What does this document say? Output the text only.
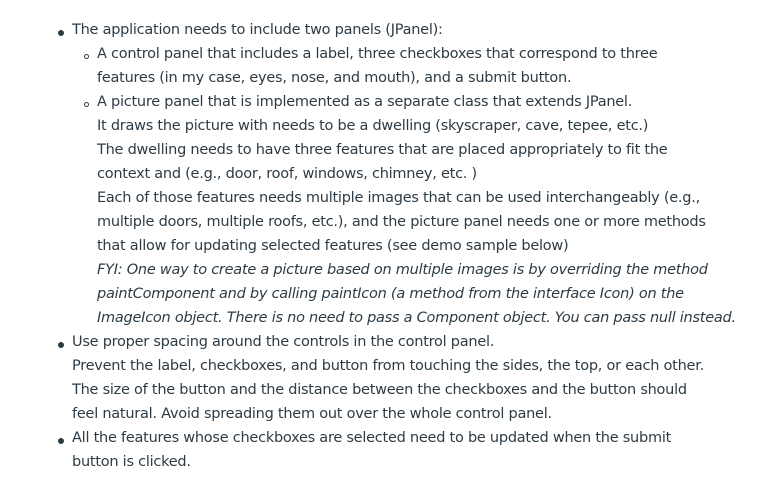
The application needs to include two panels (JPanel):
A control panel that includes a label, three checkboxes that correspond to three
features (in my case, eyes, nose, and mouth), and a submit button.
A picture panel that is implemented as a separate class that extends JPanel.
It draws the picture with needs to be a dwelling (skyscraper, cave, tepee, etc.)
The dwelling needs to have three features that are placed appropriately to fit the
context and (e.g., door, roof, windows, chimney, etc. )
Each of those features needs multiple images that can be used interchangeably (e.g.,
multiple doors, multiple roofs, etc.), and the picture panel needs one or more methods
that allow for updating selected features (see demo sample below)
FYI: One way to create a picture based on multiple images is by overriding the method
paintComponent and by calling paintIcon (a method from the interface Icon) on the
ImageIcon object. There is no need to pass a Component object. You can pass null instead.
Use proper spacing around the controls in the control panel.
Prevent the label, checkboxes, and button from touching the sides, the top, or each other.
The size of the button and the distance between the checkboxes and the button should
feel natural. Avoid spreading them out over the whole control panel.
All the features whose checkboxes are selected need to be updated when the submit
button is clicked.
